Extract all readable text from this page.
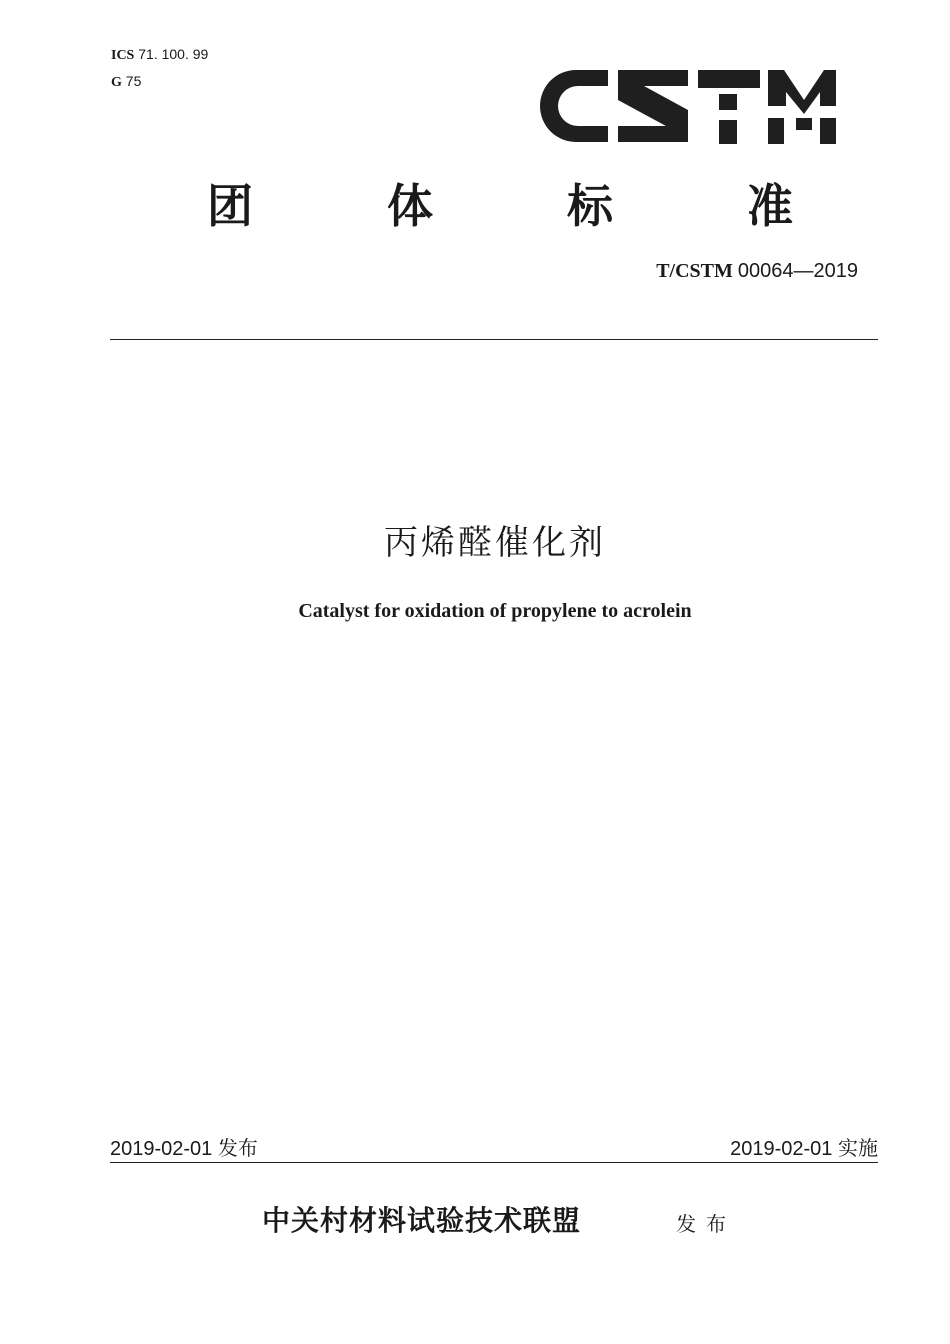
ICS 71. 100. 99
G 75
团	体	标	准
T/CSTM 00064—2019
丙烯醛催化剂
Catalyst for oxidation of propylene to acrolein
2019-02-01 发布	2019-02-01 实施
中关村材料试验技术联盟	发布
